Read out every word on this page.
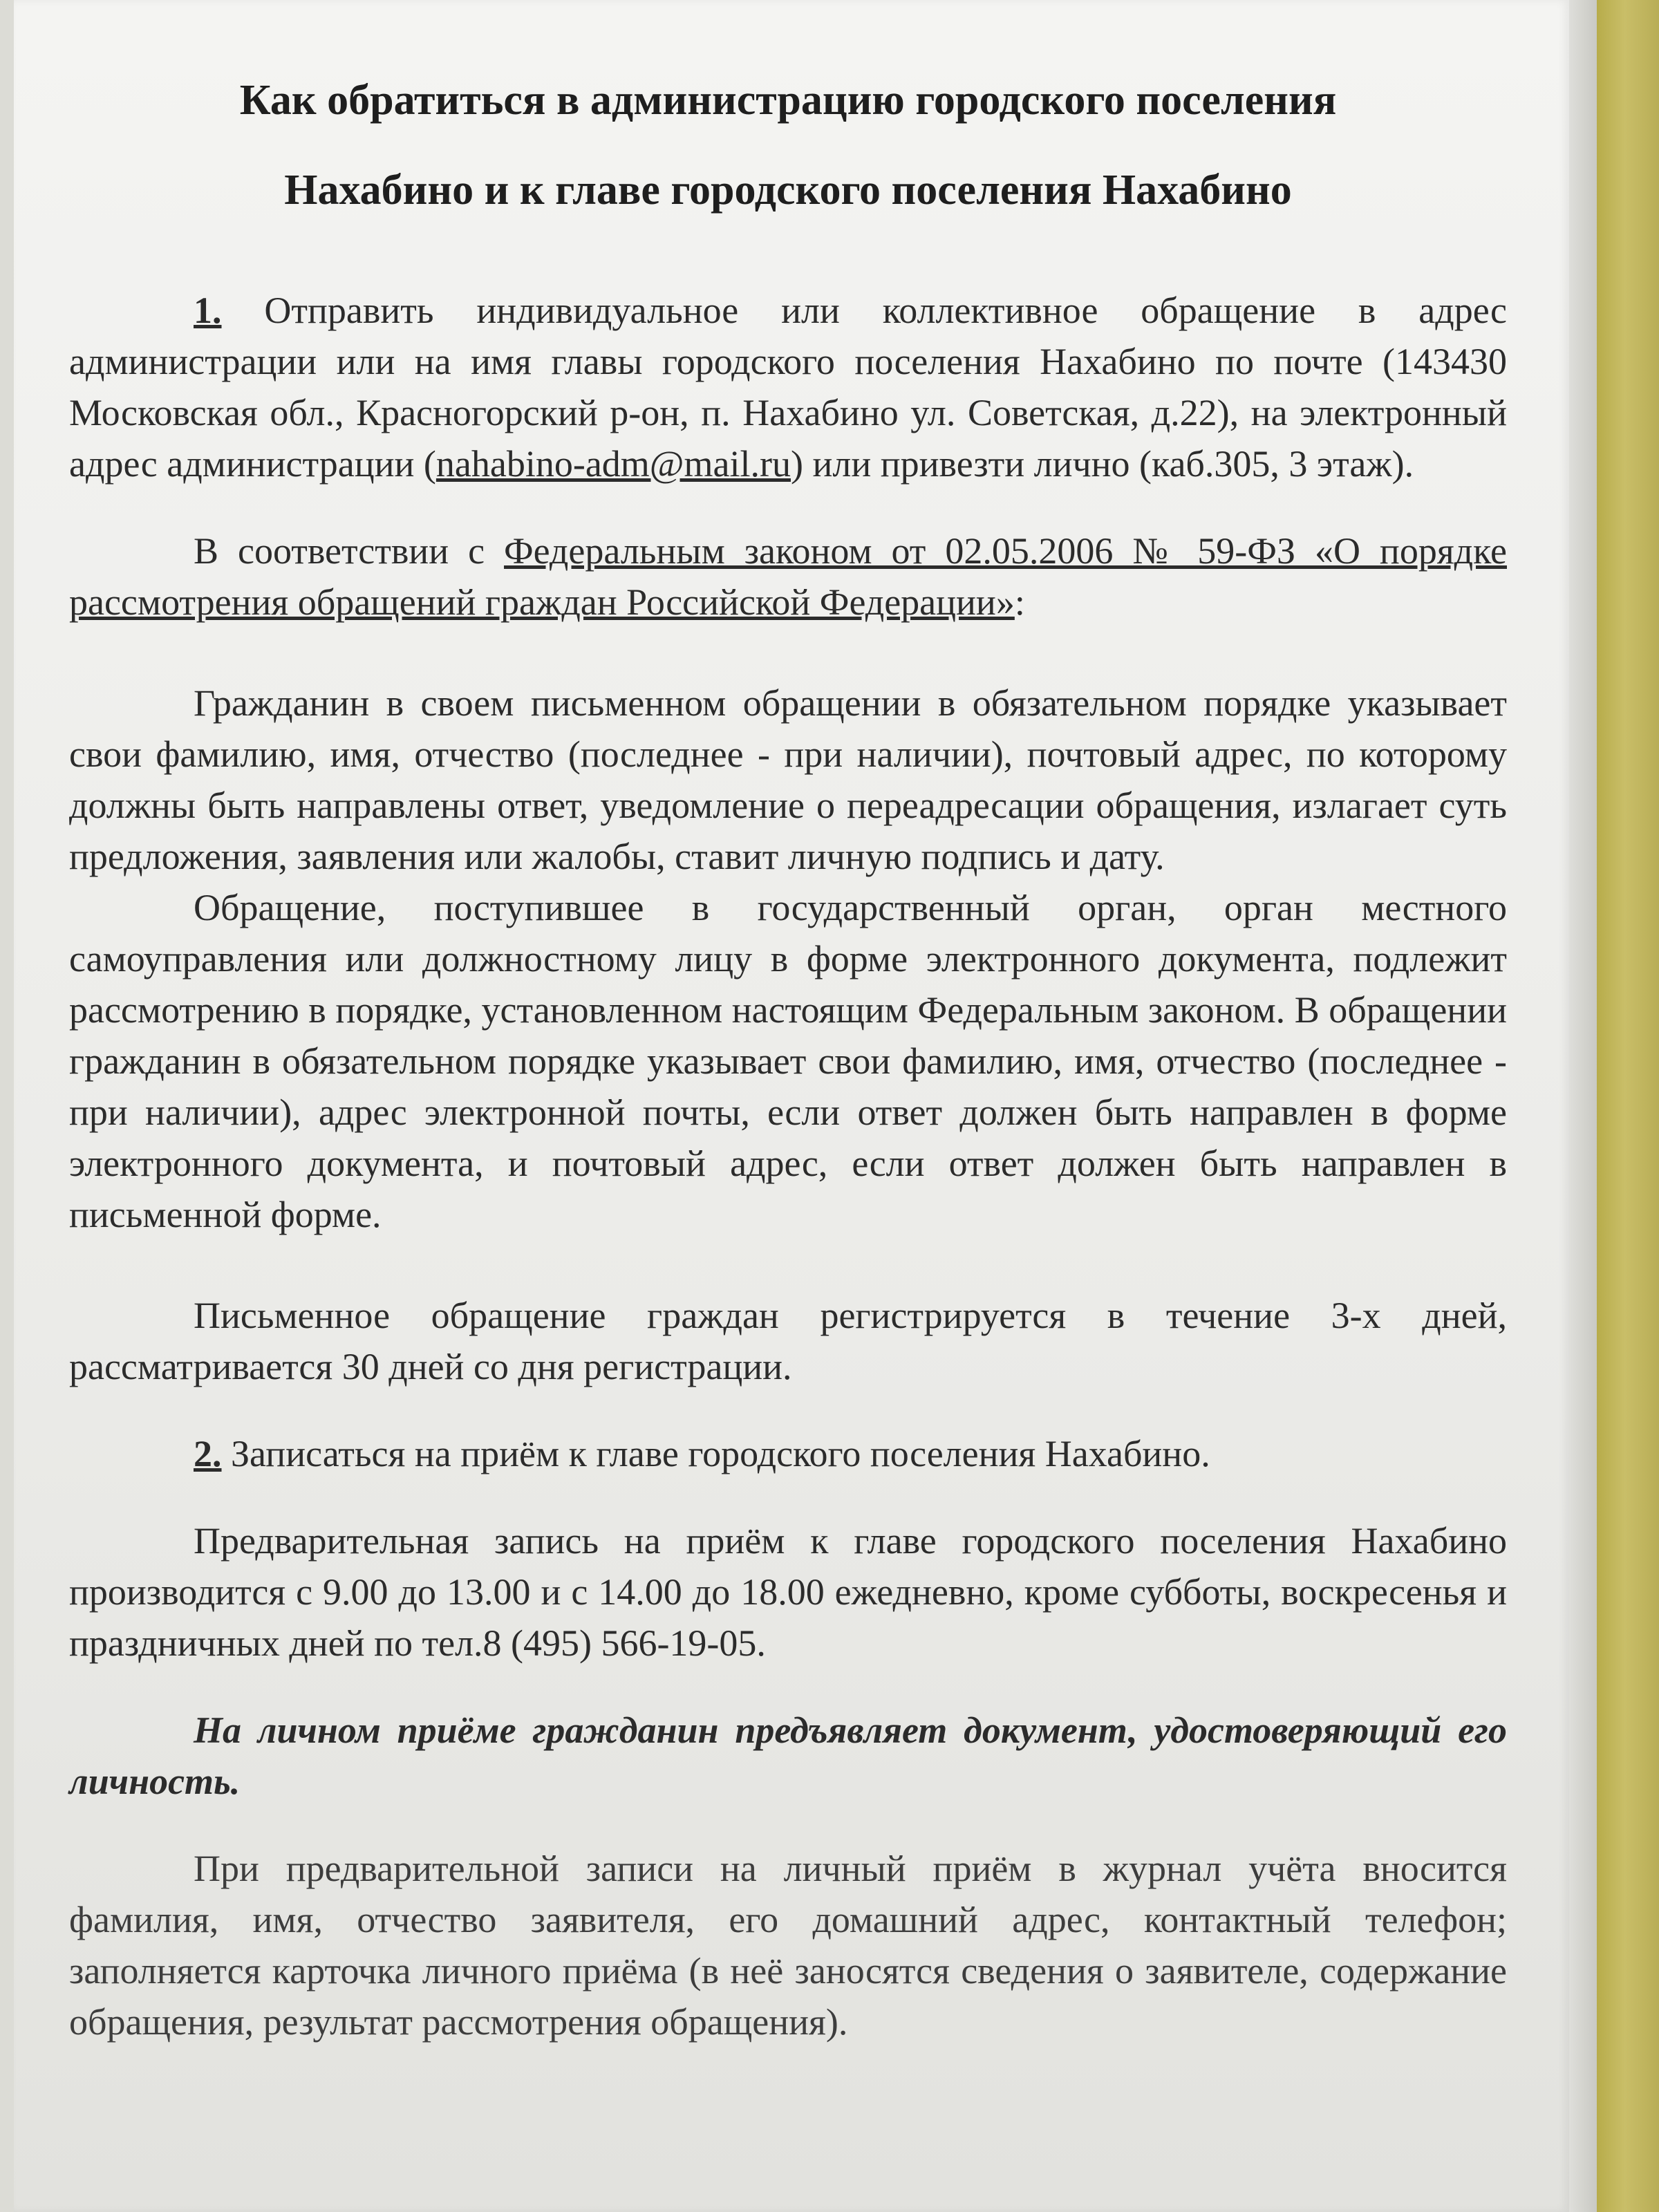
Как обратиться в администрацию городского поселения
Нахабино и к главе городского поселения Нахабино

1. Отправить индивидуальное или коллективное обращение в адрес администрации или на имя главы городского поселения Нахабино по почте (143430 Московская обл., Красногорский р-он, п. Нахабино ул. Советская, д.22), на электронный адрес администрации (nahabino-adm@mail.ru) или привезти лично (каб.305, 3 этаж).

В соответствии с Федеральным законом от 02.05.2006 № 59-ФЗ «О порядке рассмотрения обращений граждан Российской Федерации»:

Гражданин в своем письменном обращении в обязательном порядке указывает свои фамилию, имя, отчество (последнее - при наличии), почтовый адрес, по которому должны быть направлены ответ, уведомление о переадресации обращения, излагает суть предложения, заявления или жалобы, ставит личную подпись и дату.

Обращение, поступившее в государственный орган, орган местного самоуправления или должностному лицу в форме электронного документа, подлежит рассмотрению в порядке, установленном настоящим Федеральным законом. В обращении гражданин в обязательном порядке указывает свои фамилию, имя, отчество (последнее - при наличии), адрес электронной почты, если ответ должен быть направлен в форме электронного документа, и почтовый адрес, если ответ должен быть направлен в письменной форме.

Письменное обращение граждан регистрируется в течение 3-х дней, рассматривается 30 дней со дня регистрации.

2. Записаться на приём к главе городского поселения Нахабино.

Предварительная запись на приём к главе городского поселения Нахабино производится с 9.00 до 13.00 и с 14.00 до 18.00 ежедневно, кроме субботы, воскресенья и праздничных дней по тел.8 (495) 566-19-05.

На личном приёме гражданин предъявляет документ, удостоверяющий его личность.

При предварительной записи на личный приём в журнал учёта вносится фамилия, имя, отчество заявителя, его домашний адрес, контактный телефон; заполняется карточка личного приёма (в неё заносятся сведения о заявителе, содержание обращения, результат рассмотрения обращения).
